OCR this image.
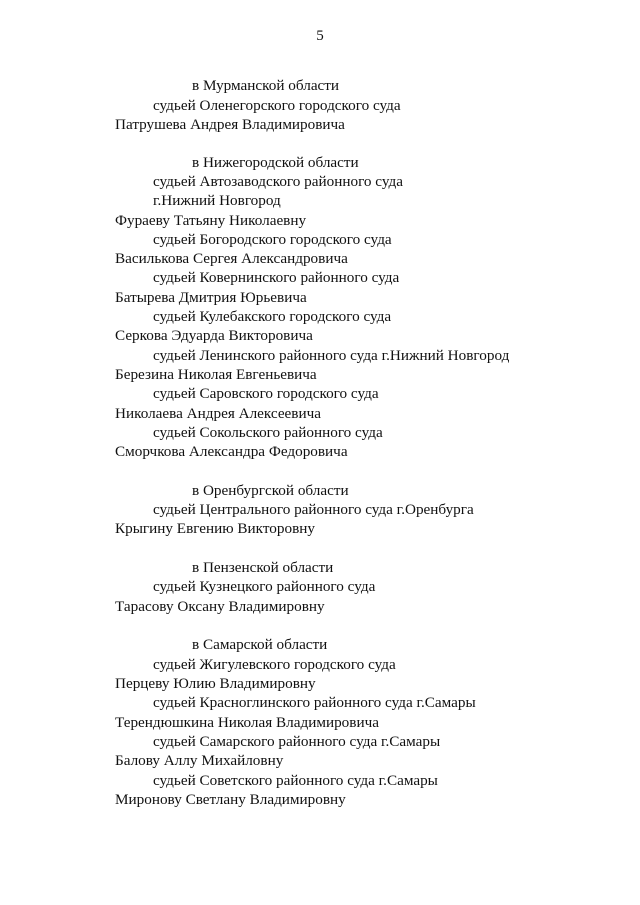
5
в Мурманской области
судьей Оленегорского городского суда
Патрушева Андрея Владимировича
в Нижегородской области
судьей Автозаводского районного суда
г.Нижний Новгород
Фураеву Татьяну Николаевну
судьей Богородского городского суда
Василькова Сергея Александровича
судьей Ковернинского районного суда
Батырева Дмитрия Юрьевича
судьей Кулебакского городского суда
Серкова Эдуарда Викторовича
судьей Ленинского районного суда г.Нижний Новгород
Березина Николая Евгеньевича
судьей Саровского городского суда
Николаева Андрея Алексеевича
судьей Сокольского районного суда
Сморчкова Александра Федоровича
в Оренбургской области
судьей Центрального районного суда г.Оренбурга
Крыгину Евгению Викторовну
в Пензенской области
судьей Кузнецкого районного суда
Тарасову Оксану Владимировну
в Самарской области
судьей Жигулевского городского суда
Перцеву Юлию Владимировну
судьей Красноглинского районного суда г.Самары
Терендюшкина Николая Владимировича
судьей Самарского районного суда г.Самары
Балову Аллу Михайловну
судьей Советского районного суда г.Самары
Миронову Светлану Владимировну
